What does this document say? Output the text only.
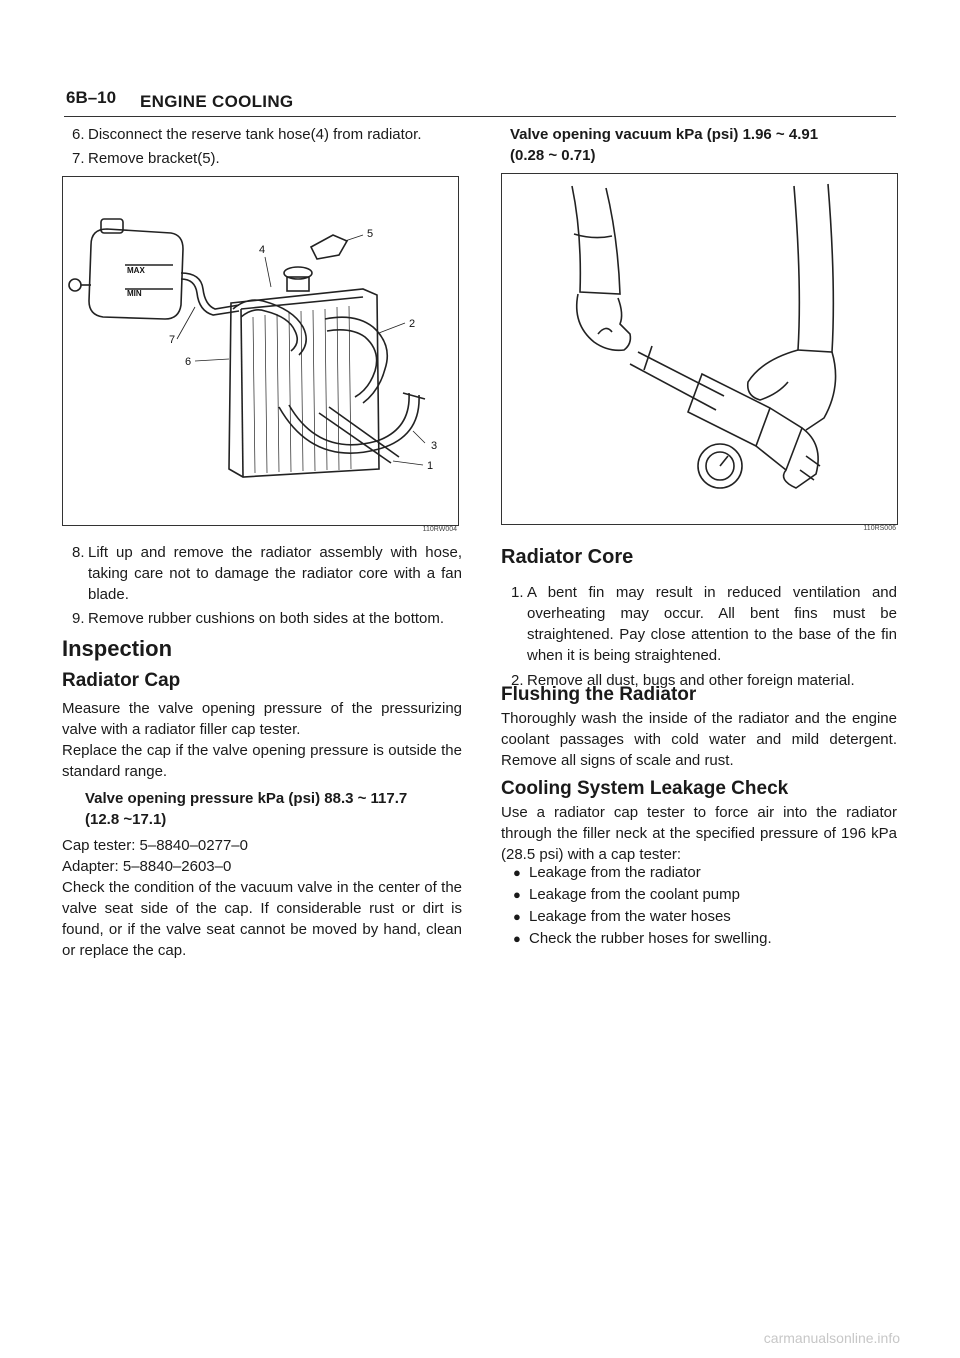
6B–10 ENGINE COOLING
6. Disconnect the reserve tank hose(4) from radiator.
7. Remove bracket(5).
MAX
MIN
1
2
3
4
5
6
7
110RW004
8. Lift up and remove the radiator assembly with hose, taking care not to damage the radiator core with a fan blade.
9. Remove rubber cushions on both sides at the bottom.
Inspection
Radiator Cap
Measure the valve opening pressure of the pressurizing valve with a radiator filler cap tester.
Replace the cap if the valve opening pressure is outside the standard range.
Valve opening pressure kPa (psi) 88.3 ~ 117.7
(12.8 ~17.1)
Cap tester: 5–8840–0277–0
Adapter: 5–8840–2603–0
Check the condition of the vacuum valve in the center of the valve seat side of the cap. If considerable rust or dirt is found, or if the valve seat cannot be moved by hand, clean or replace the cap.
Valve opening vacuum kPa (psi) 1.96 ~ 4.91
(0.28 ~ 0.71)
110RS006
Radiator Core
1. A bent fin may result in reduced ventilation and overheating may occur. All bent fins must be straightened. Pay close attention to the base of the fin when it is being straightened.
2. Remove all dust, bugs and other foreign material.
Flushing the Radiator
Thoroughly wash the inside of the radiator and the engine coolant passages with cold water and mild detergent. Remove all signs of scale and rust.
Cooling System Leakage Check
Use a radiator cap tester to force air into the radiator through the filler neck at the specified pressure of 196 kPa (28.5 psi) with a cap tester:
● Leakage from the radiator
● Leakage from the coolant pump
● Leakage from the water hoses
● Check the rubber hoses for swelling.
carmanualsonline.info
